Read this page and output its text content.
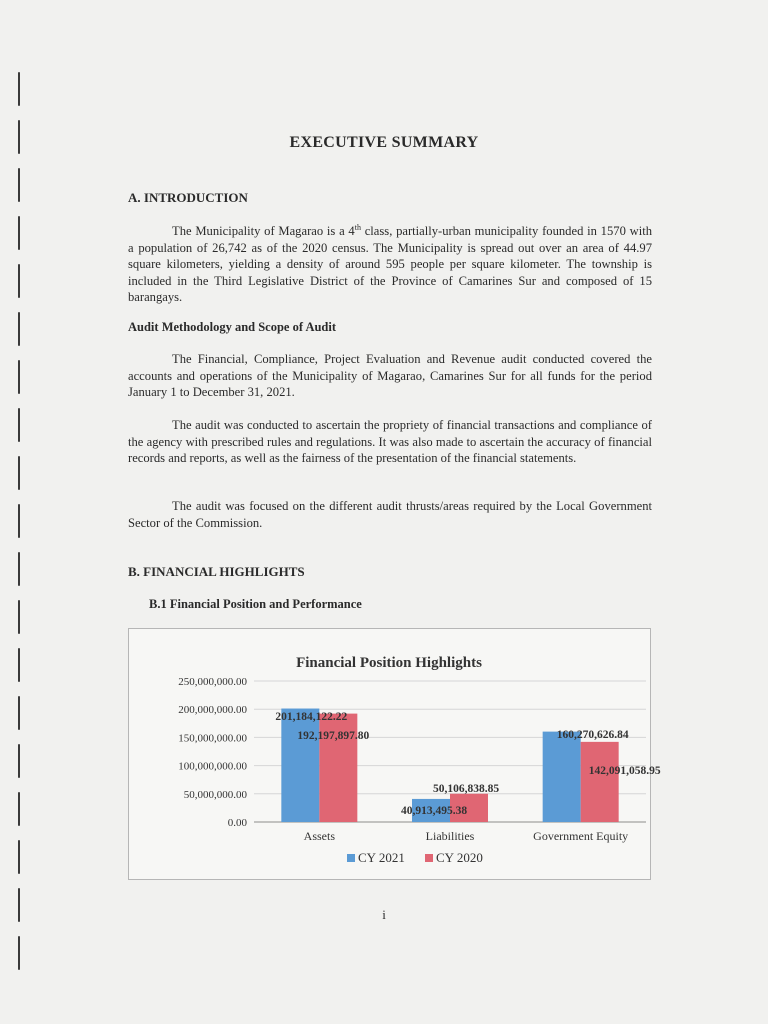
EXECUTIVE SUMMARY
A. INTRODUCTION

The Municipality of Magarao is a 4th class, partially-urban municipality founded in 1570 with a population of 26,742 as of the 2020 census. The Municipality is spread out over an area of 44.97 square kilometers, yielding a density of around 595 people per square kilometer. The township is included in the Third Legislative District of the Province of Camarines Sur and composed of 15 barangays.

Audit Methodology and Scope of Audit

The Financial, Compliance, Project Evaluation and Revenue audit conducted covered the accounts and operations of the Municipality of Magarao, Camarines Sur for all funds for the period January 1 to December 31, 2021.

The audit was conducted to ascertain the propriety of financial transactions and compliance of the agency with prescribed rules and regulations. It was also made to ascertain the accuracy of financial records and reports, as well as the fairness of the presentation of the financial statements.

The audit was focused on the different audit thrusts/areas required by the Local Government Sector of the Commission.

B. FINANCIAL HIGHLIGHTS
B.1 Financial Position and Performance
Financial Position Highlights
0.00
50,000,000.00
100,000,000.00
150,000,000.00
200,000,000.00
250,000,000.00
Assets	Liabilities	Government Equity
201,184,122.22
192,197,897.80
40,913,495.38
50,106,838.85
160,270,626.84
142,091,058.95
CY 2021 CY 2020
i
